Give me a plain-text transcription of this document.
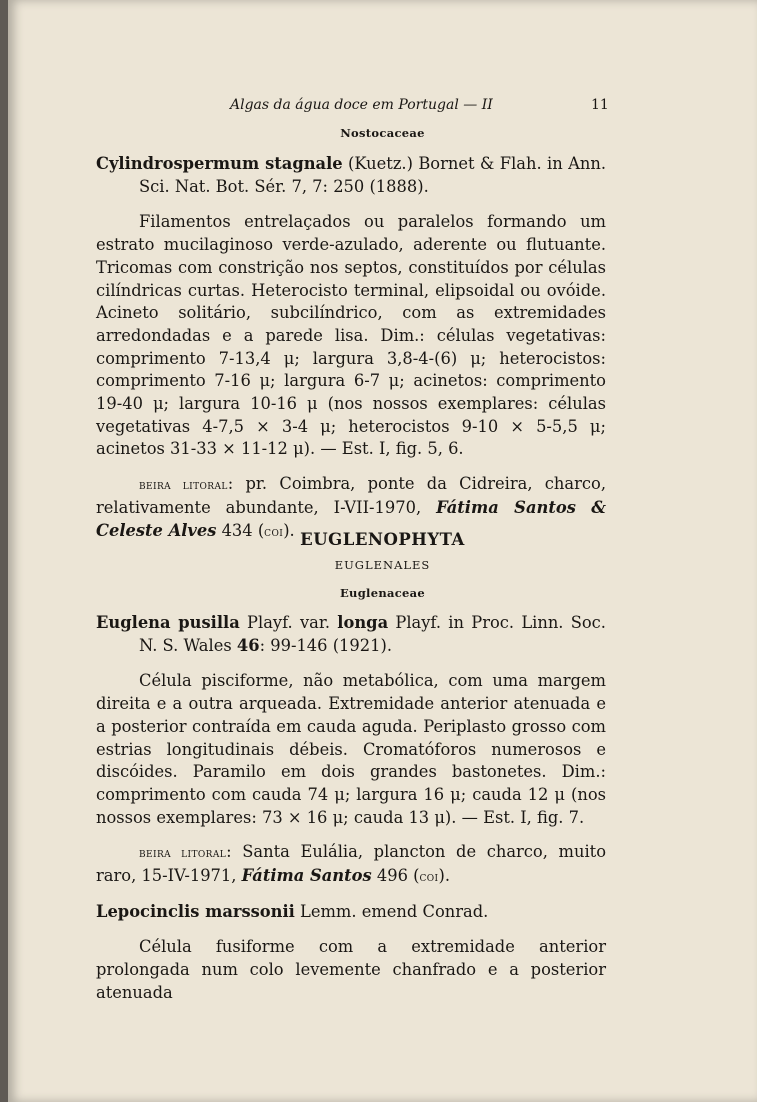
Algas da água doce em Portugal — II	11
Nostocaceae

Cylindrospermum stagnale (Kuetz.) Bornet & Flah. in Ann. Sci. Nat. Bot. Sér. 7, 7: 250 (1888).

Filamentos entrelaçados ou paralelos formando um estrato mucilaginoso verde-azulado, aderente ou flutuante. Tricomas com constrição nos septos, constituídos por células cilíndricas curtas. Heterocisto terminal, elipsoidal ou ovóide. Acineto solitário, subcilíndrico, com as extremidades arredondadas e a parede lisa. Dim.: células vegetativas: comprimento 7-13,4 μ; largura 3,8-4-(6) μ; heterocistos: comprimento 7-16 μ; largura 6-7 μ; acinetos: comprimento 19-40 μ; largura 10-16 μ (nos nossos exemplares: células vegetativas 4-7,5 × 3-4 μ; heterocistos 9-10 × 5-5,5 μ; acinetos 31-33 × 11-12 μ). — Est. I, fig. 5, 6.

beira litoral: pr. Coimbra, ponte da Cidreira, charco, relativamente abundante, I-VII-1970, Fátima Santos & Celeste Alves 434 (coi). EUGLENOPHYTA
EUGLENALES
Euglenaceae

Euglena pusilla Playf. var. longa Playf. in Proc. Linn. Soc. N. S. Wales 46: 99-146 (1921).

Célula pisciforme, não metabólica, com uma margem direita e a outra arqueada. Extremidade anterior atenuada e a posterior contraída em cauda aguda. Periplasto grosso com estrias longitudinais débeis. Cromatóforos numerosos e discóides. Paramilo em dois grandes bastonetes. Dim.: comprimento com cauda 74 μ; largura 16 μ; cauda 12 μ (nos nossos exemplares: 73 × 16 μ; cauda 13 μ). — Est. I, fig. 7.

beira litoral: Santa Eulália, plancton de charco, muito raro, 15-IV-1971, Fátima Santos 496 (coi).

Lepocinclis marssonii Lemm. emend Conrad.

Célula fusiforme com a extremidade anterior prolongada num colo levemente chanfrado e a posterior atenuada
